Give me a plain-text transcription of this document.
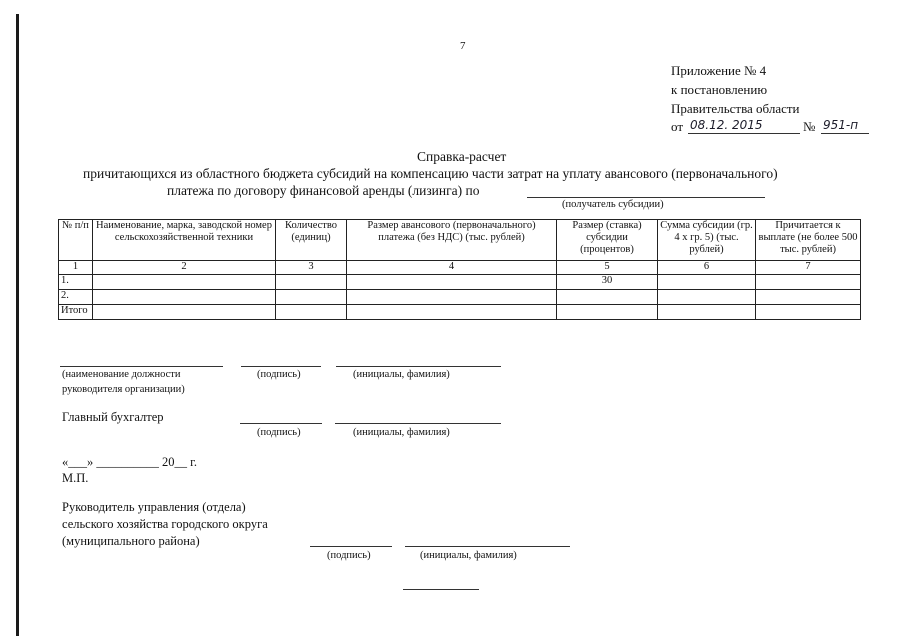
7
Приложение № 4
к постановлению
Правительства области
от 08.12. 2015	№ 951-п
Справка-расчет
причитающихся из областного бюджета субсидий на компенсацию части затрат на уплату авансового (первоначального)
платежа по договору финансовой аренды (лизинга) по
(получатель субсидии)
№ п/п	Наименование, марка, заводской номер сельскохозяйственной техники	Количество (единиц)	Размер авансового (первоначального) платежа (без НДС) (тыс. рублей)	Размер (ставка) субсидии (процентов)	Сумма субсидии (гр. 4 х гр. 5) (тыс. рублей)	Причитается к выплате (не более 500 тыс. рублей)
1	2	3	4	5	6	7
1.				30		
2.						
Итого						
(наименование должности	(подпись)	(инициалы, фамилия)
руководителя организации)
Главный бухгалтер
(подпись)	(инициалы, фамилия)
«___» __________ 20__ г.
М.П.
Руководитель управления (отдела)
сельского хозяйства городского округа
(муниципального района)
(подпись)	(инициалы, фамилия)
